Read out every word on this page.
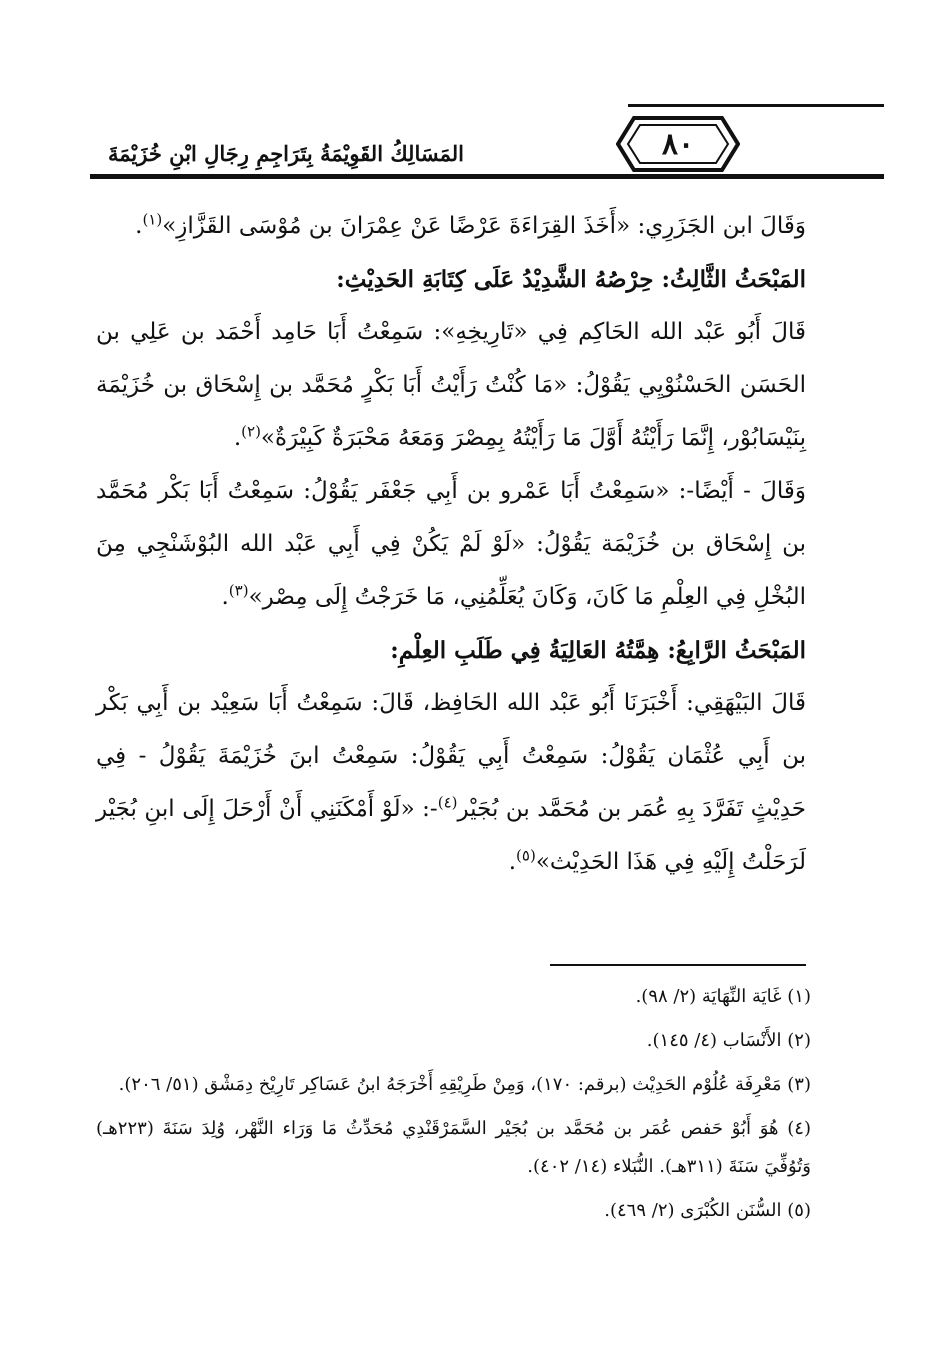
٨٠
المَسَالِكُ القَوِيْمَةُ بِتَرَاجِمِ رِجَالِ ابْنِ خُزَيْمَةَ

وَقَالَ ابن الجَزَرِي: «أَخَذَ القِرَاءَةَ عَرْضًا عَنْ عِمْرَانَ بن مُوْسَى القَزَّازِ»$^{(١)}$.

المَبْحَثُ الثَّالِثُ: حِرْصُهُ الشَّدِيْدُ عَلَى كِتَابَةِ الحَدِيْثِ:

قَالَ أَبُو عَبْد الله الحَاكِم فِي «تَارِيخِهِ»: سَمِعْتُ أَبَا حَامِد أَحْمَد بن عَلِي بن الحَسَن الحَسْنُوْيِي يَقُوْلُ: «مَا كُنْتُ رَأَيْتُ أَبَا بَكْرٍ مُحَمَّد بن إِسْحَاق بن خُزَيْمَة بِنَيْسَابُوْر، إِنَّمَا رَأَيْتُهُ أَوَّلَ مَا رَأَيْتُهُ بِمِصْرَ وَمَعَهُ مَحْبَرَةٌ كَبِيْرَةٌ»$^{(٢)}$.

وَقَالَ - أَيْضًا-: «سَمِعْتُ أَبَا عَمْرو بن أَبِي جَعْفَر يَقُوْلُ: سَمِعْتُ أَبَا بَكْر مُحَمَّد بن إِسْحَاق بن خُزَيْمَة يَقُوْلُ: «لَوْ لَمْ يَكُنْ فِي أَبِي عَبْد الله البُوْشَنْجِي مِنَ البُخْلِ فِي العِلْمِ مَا كَانَ، وَكَانَ يُعَلِّمُنِي، مَا خَرَجْتُ إِلَى مِصْر»$^{(٣)}$.

المَبْحَثُ الرَّابِعُ: هِمَّتُهُ العَالِيَةُ فِي طَلَبِ العِلْمِ:

قَالَ البَيْهَقِي: أَخْبَرَنَا أَبُو عَبْد الله الحَافِظ، قَالَ: سَمِعْتُ أَبَا سَعِيْد بن أَبِي بَكْر بن أَبِي عُثْمَان يَقُوْلُ: سَمِعْتُ أَبِي يَقُوْلُ: سَمِعْتُ ابنَ خُزَيْمَةَ يَقُوْلُ - فِي حَدِيْثٍ تَفَرَّدَ بِهِ عُمَر بن مُحَمَّد بن بُجَيْر$^{(٤)}$-: «لَوْ أَمْكَنَنِي أَنْ أَرْحَلَ إِلَى ابنِ بُجَيْر لَرَحَلْتُ إِلَيْهِ فِي هَذَا الحَدِيْث»$^{(٥)}$.

(١) غَايَة النِّهَايَة (٢/ ٩٨).

(٢) الأَنْسَاب (٤/ ١٤٥).

(٣) مَعْرِفَة عُلُوْم الحَدِيْث (برقم: ١٧٠)، وَمِنْ طَرِيْقِهِ أَخْرَجَهُ ابنُ عَسَاكِر تَارِيْخ دِمَشْق (٥١/ ٢٠٦).

(٤) هُوَ أَبُوْ حَفص عُمَر بن مُحَمَّد بن بُجَيْر السَّمَرْقَنْدِي مُحَدِّثُ مَا وَرَاء النَّهْر، وُلِدَ سَنَةَ (٢٢٣هـ) وَتُوُفِّيَ سَنَةَ (٣١١هـ). النُّبَلاء (١٤/ ٤٠٢).

(٥) السُّنَن الكُبْرَى (٢/ ٤٦٩).
